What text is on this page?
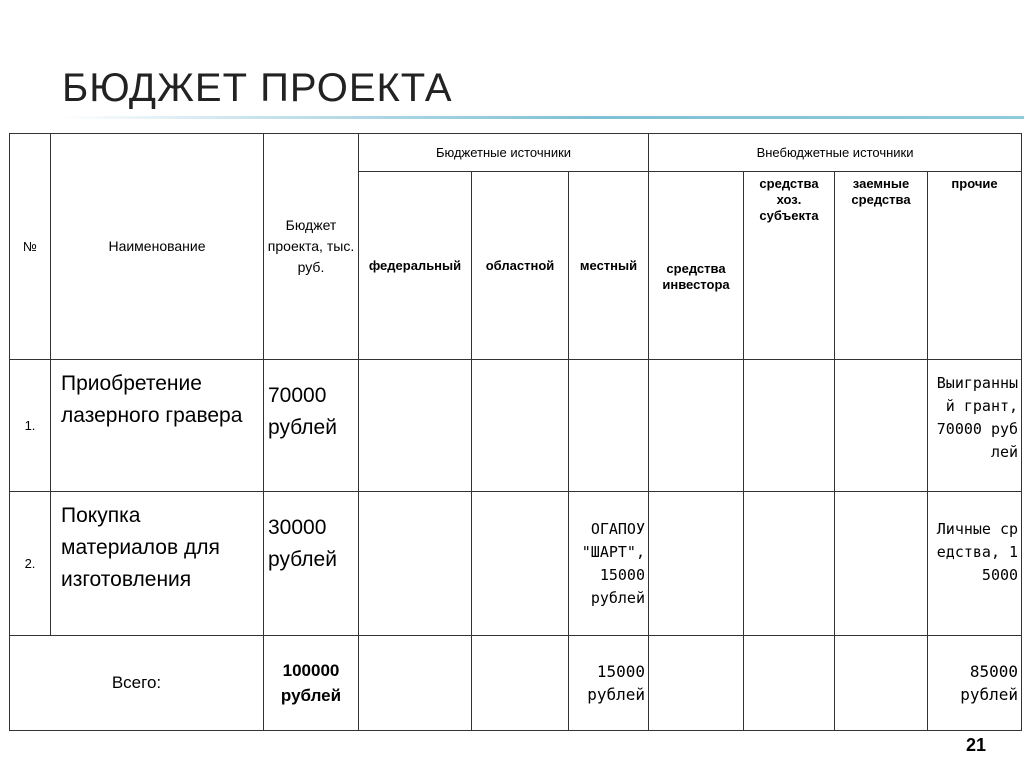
БЮДЖЕТ ПРОЕКТА
№	Наименование	Бюджет проекта, тыс. руб.	Бюджетные источники			Внебюджетные источники			
			федеральный	областной	местный	средства инвестора	средства хоз. субъекта	заемные средства	прочие
1.	Приобретение лазерного гравера	70000 рублей							Выигранный грант, 70000 рублей
2.	Покупка материалов для изготовления	30000 рублей			ОГАПОУ "ШАРТ", 15000 рублей				Личные средства, 15000
Всего:		100000 рублей			15000 рублей				85000 рублей
21
